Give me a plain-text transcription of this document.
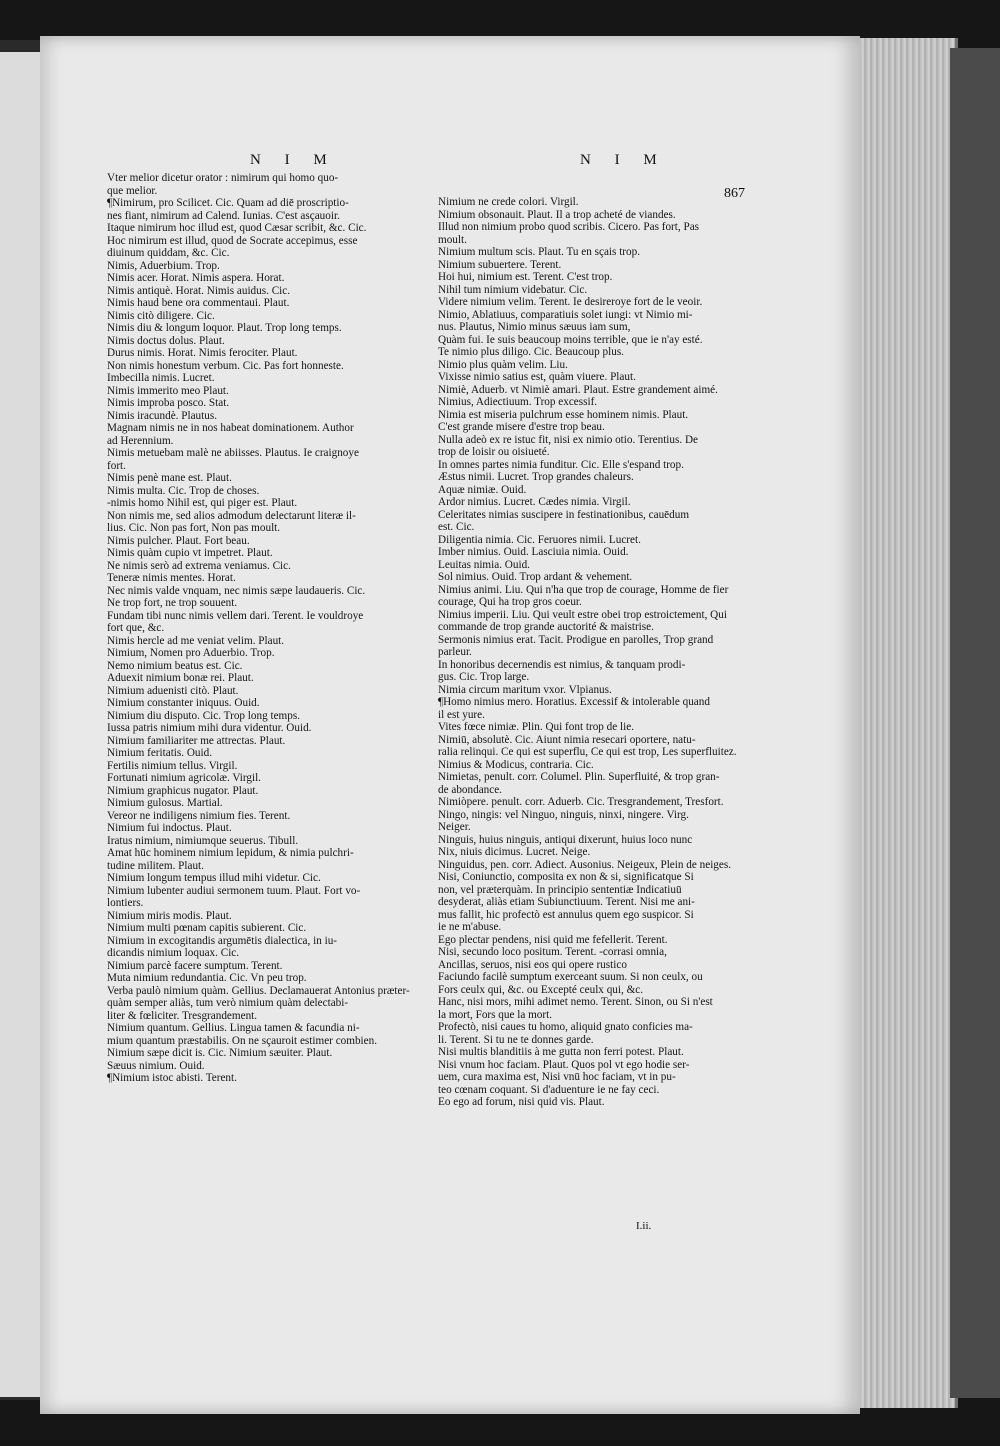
N I M	N I M
867

Vter melior dicetur orator : nimirum qui homo quo-

que melior.

¶Nimirum, pro Scilicet. Cic. Quam ad diē proscriptio-

nes fiant, nimirum ad Calend. Iunias. C'est asçauoir.

Itaque nimirum hoc illud est, quod Cæsar scribit, &c. Cic.

Hoc nimirum est illud, quod de Socrate accepimus, esse

diuinum quiddam, &c. Cic.

Nimis, Aduerbium. Trop.

Nimis acer. Horat. Nimis aspera. Horat.

Nimis antiquè. Horat. Nimis auidus. Cic.

Nimis haud bene ora commentaui. Plaut.

Nimis citò diligere. Cic.

Nimis diu & longum loquor. Plaut. Trop long temps.

Nimis doctus dolus. Plaut.

Durus nimis. Horat. Nimis ferociter. Plaut.

Non nimis honestum verbum. Cic. Pas fort honneste.

Imbecilla nimis. Lucret.

Nimis immerito meo Plaut.

Nimis improba posco. Stat.

Nimis iracundè. Plautus.

Magnam nimis ne in nos habeat dominationem. Author

ad Herennium.

Nimis metuebam malè ne abiisses. Plautus. Ie craignoye

fort.

Nimis penè mane est. Plaut.

Nimis multa. Cic. Trop de choses.

-nimis homo Nihil est, qui piger est. Plaut.

Non nimis me, sed alios admodum delectarunt literæ il-

lius. Cic. Non pas fort, Non pas moult.

Nimis pulcher. Plaut. Fort beau.

Nimis quàm cupio vt impetret. Plaut.

Ne nimis serò ad extrema veniamus. Cic.

Teneræ nimis mentes. Horat.

Nec nimis valde vnquam, nec nimis sæpe laudaueris. Cic.

Ne trop fort, ne trop souuent.

Fundam tibi nunc nimis vellem dari. Terent. Ie vouldroye

fort que, &c.

Nimis hercle ad me veniat velim. Plaut.

Nimium, Nomen pro Aduerbio. Trop.

Nemo nimium beatus est. Cic.

Aduexit nimium bonæ rei. Plaut.

Nimium aduenisti citò. Plaut.

Nimium constanter iniquus. Ouid.

Nimium diu disputo. Cic. Trop long temps.

Iussa patris nimium mihi dura videntur. Ouid.

Nimium familiariter me attrectas. Plaut.

Nimium feritatis. Ouid.

Fertilis nimium tellus. Virgil.

Fortunati nimium agricolæ. Virgil.

Nimium graphicus nugator. Plaut.

Nimium gulosus. Martial.

Vereor ne indiligens nimium fies. Terent.

Nimium fui indoctus. Plaut.

Iratus nimium, nimiumque seuerus. Tibull.

Amat hūc hominem nimium lepidum, & nimia pulchri-

tudine militem. Plaut.

Nimium longum tempus illud mihi videtur. Cic.

Nimium lubenter audiui sermonem tuum. Plaut. Fort vo-

lontiers.

Nimium miris modis. Plaut.

Nimium multi pœnam capitis subierent. Cic.

Nimium in excogitandis argumētis dialectica, in iu-

dicandis nimium loquax. Cic.

Nimium parcè facere sumptum. Terent.

Muta nimium redundantia. Cic. Vn peu trop.

Verba paulò nimium quàm. Gellius. Declamauerat Antonius præter-

quàm semper aliàs, tum verò nimium quàm delectabi-

liter & fœliciter. Tresgrandement.

Nimium quantum. Gellius. Lingua tamen & facundia ni-

mium quantum præstabilis. On ne sçauroit estimer combien.

Nimium sæpe dicit is. Cic. Nimium sæuiter. Plaut.

Sæuus nimium. Ouid.

¶Nimium istoc abisti. Terent.

Nimium ne crede colori. Virgil.

Nimium obsonauit. Plaut. Il a trop acheté de viandes.

Illud non nimium probo quod scribis. Cicero. Pas fort, Pas

moult.

Nimium multum scis. Plaut. Tu en sçais trop.

Nimium subuertere. Terent.

Hoi hui, nimium est. Terent. C'est trop.

Nihil tum nimium videbatur. Cic.

Videre nimium velim. Terent. Ie desireroye fort de le veoir.

Nimio, Ablatiuus, comparatiuis solet iungi: vt Nimio mi-

nus. Plautus, Nimio minus sæuus iam sum,

Quàm fui. Ie suis beaucoup moins terrible, que ie n'ay esté.

Te nimio plus diligo. Cic. Beaucoup plus.

Nimio plus quàm velim. Liu.

Vixisse nimio satius est, quàm viuere. Plaut.

Nimiè, Aduerb. vt Nimiè amari. Plaut. Estre grandement aimé.

Nimius, Adiectiuum. Trop excessif.

Nimia est miseria pulchrum esse hominem nimis. Plaut.

C'est grande misere d'estre trop beau.

Nulla adeò ex re istuc fit, nisi ex nimio otio. Terentius. De

trop de loisir ou oisiueté.

In omnes partes nimia funditur. Cic. Elle s'espand trop.

Æstus nimii. Lucret. Trop grandes chaleurs.

Aquæ nimiæ. Ouid.

Ardor nimius. Lucret. Cædes nimia. Virgil.

Celeritates nimias suscipere in festinationibus, cauēdum

est. Cic.

Diligentia nimia. Cic. Feruores nimii. Lucret.

Imber nimius. Ouid. Lasciuia nimia. Ouid.

Leuitas nimia. Ouid.

Sol nimius. Ouid. Trop ardant & vehement.

Nimius animi. Liu. Qui n'ha que trop de courage, Homme de fier

courage, Qui ha trop gros coeur.

Nimius imperii. Liu. Qui veult estre obei trop estroictement, Qui

commande de trop grande auctorité & maistrise.

Sermonis nimius erat. Tacit. Prodigue en parolles, Trop grand

parleur.

In honoribus decernendis est nimius, & tanquam prodi-

gus. Cic. Trop large.

Nimia circum maritum vxor. Vlpianus.

¶Homo nimius mero. Horatius. Excessif & intolerable quand

il est yure.

Vites fœce nimiæ. Plin. Qui font trop de lie.

Nimiū, absolutè. Cic. Aiunt nimia resecari oportere, natu-

ralia relinqui. Ce qui est superflu, Ce qui est trop, Les superfluitez.

Nimius & Modicus, contraria. Cic.

Nimietas, penult. corr. Columel. Plin. Superfluité, & trop gran-

de abondance.

Nimiòpere. penult. corr. Aduerb. Cic. Tresgrandement, Tresfort.

Ningo, ningis: vel Ninguo, ninguis, ninxi, ningere. Virg.

Neiger.

Ninguis, huius ninguis, antiqui dixerunt, huius loco nunc

Nix, niuis dicimus. Lucret. Neige.

Ninguidus, pen. corr. Adiect. Ausonius. Neigeux, Plein de neiges.

Nisi, Coniunctio, composita ex non & si, significatque Si

non, vel præterquàm. In principio sententiæ Indicatiuū

desyderat, aliàs etiam Subiunctiuum. Terent. Nisi me ani-

mus fallit, hic profectò est annulus quem ego suspicor. Si

ie ne m'abuse.

Ego plectar pendens, nisi quid me fefellerit. Terent.

Nisi, secundo loco positum. Terent. -corrasi omnia,

Ancillas, seruos, nisi eos qui opere rustico

Faciundo facilè sumptum exerceant suum. Si non ceulx, ou

Fors ceulx qui, &c. ou Excepté ceulx qui, &c.

Hanc, nisi mors, mihi adimet nemo. Terent. Sinon, ou Si n'est

la mort, Fors que la mort.

Profectò, nisi caues tu homo, aliquid gnato conficies ma-

li. Terent. Si tu ne te donnes garde.

Nisi multis blanditiis à me gutta non ferri potest. Plaut.

Nisi vnum hoc faciam. Plaut. Quos pol vt ego hodie ser-

uem, cura maxima est, Nisi vnū hoc faciam, vt in pu-

teo cœnam coquant. Si d'aduenture ie ne fay ceci.

Eo ego ad forum, nisi quid vis. Plaut.

I.ii.
